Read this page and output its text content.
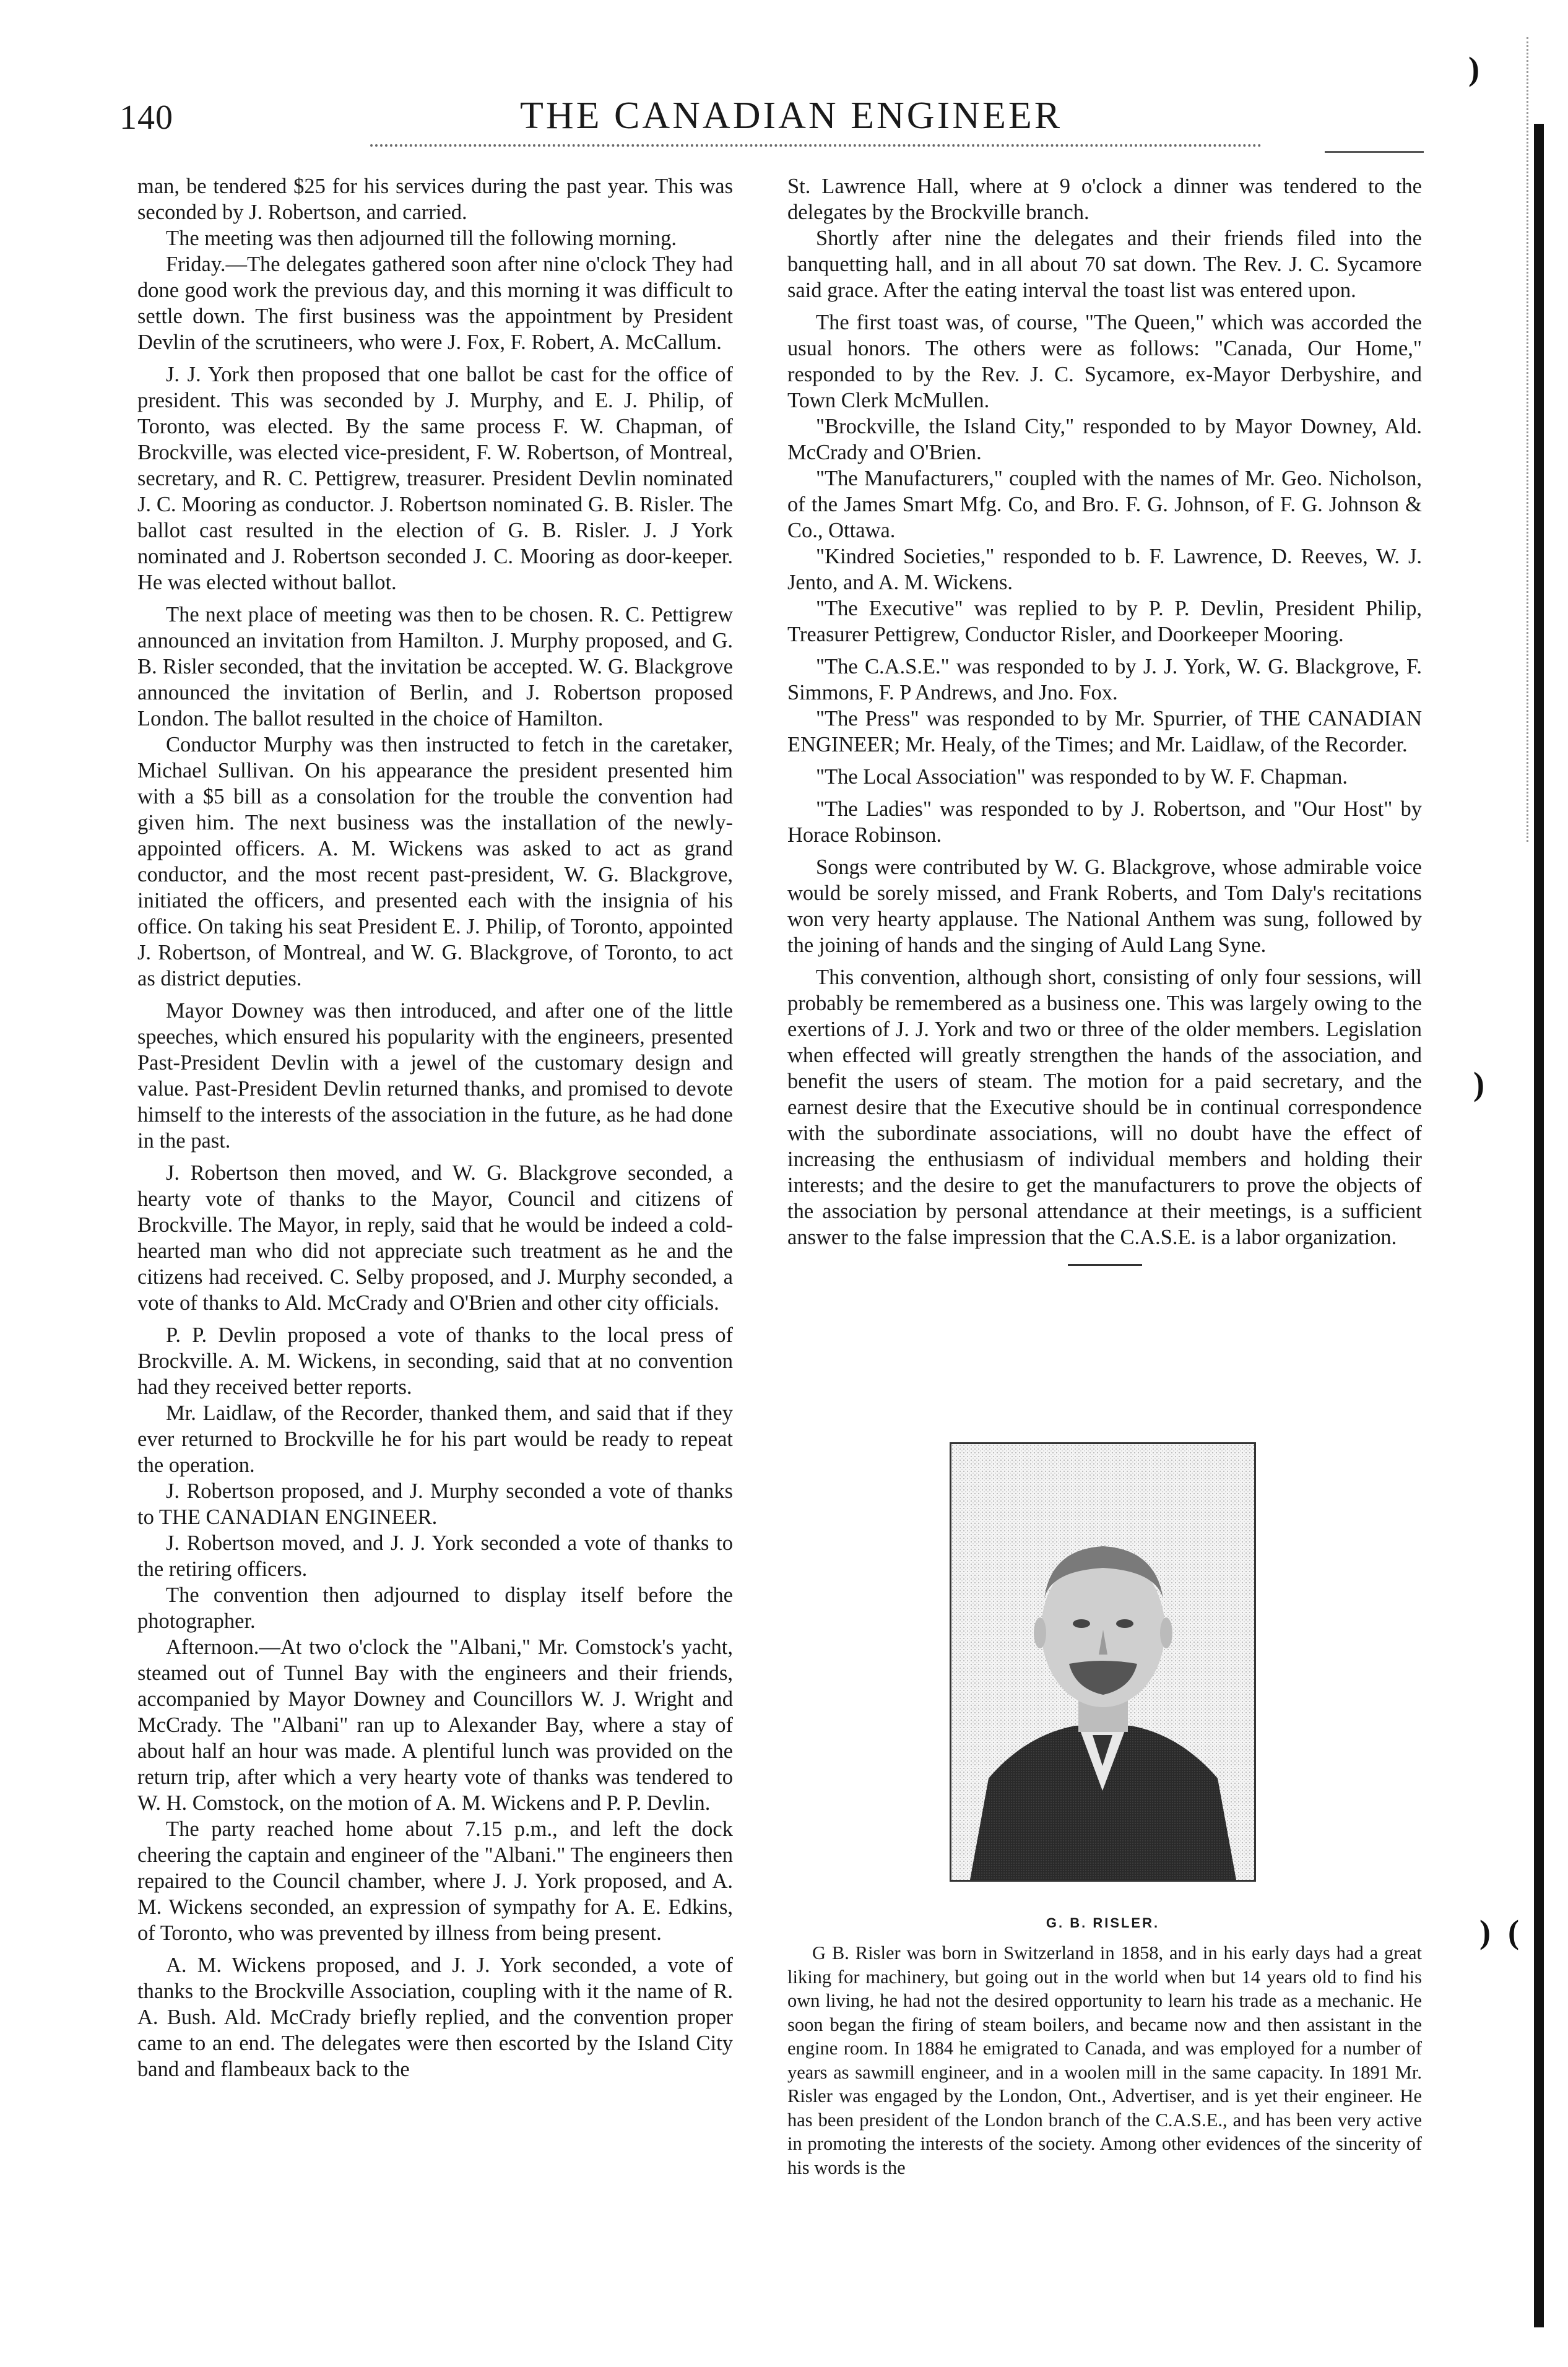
140	THE CANADIAN ENGINEER

man, be tendered $25 for his services during the past year. This was seconded by J. Robertson, and carried.

The meeting was then adjourned till the following morning.

Friday.—The delegates gathered soon after nine o'clock They had done good work the previous day, and this morning it was difficult to settle down. The first business was the appointment by President Devlin of the scrutineers, who were J. Fox, F. Robert, A. McCallum.

J. J. York then proposed that one ballot be cast for the office of president. This was seconded by J. Murphy, and E. J. Philip, of Toronto, was elected. By the same process F. W. Chapman, of Brockville, was elected vice-president, F. W. Robertson, of Montreal, secretary, and R. C. Pettigrew, treasurer. President Devlin nominated J. C. Mooring as conductor. J. Robertson nominated G. B. Risler. The ballot cast resulted in the election of G. B. Risler. J. J York nominated and J. Robertson seconded J. C. Mooring as door-keeper. He was elected without ballot.

The next place of meeting was then to be chosen. R. C. Pettigrew announced an invitation from Hamilton. J. Murphy proposed, and G. B. Risler seconded, that the invitation be accepted. W. G. Blackgrove announced the invitation of Berlin, and J. Robertson proposed London. The ballot resulted in the choice of Hamilton.

Conductor Murphy was then instructed to fetch in the caretaker, Michael Sullivan. On his appearance the president presented him with a $5 bill as a consolation for the trouble the convention had given him. The next business was the installation of the newly-appointed officers. A. M. Wickens was asked to act as grand conductor, and the most recent past-president, W. G. Blackgrove, initiated the officers, and presented each with the insignia of his office. On taking his seat President E. J. Philip, of Toronto, appointed J. Robertson, of Montreal, and W. G. Blackgrove, of Toronto, to act as district deputies.

Mayor Downey was then introduced, and after one of the little speeches, which ensured his popularity with the engineers, presented Past-President Devlin with a jewel of the customary design and value. Past-President Devlin returned thanks, and promised to devote himself to the interests of the association in the future, as he had done in the past.

J. Robertson then moved, and W. G. Blackgrove seconded, a hearty vote of thanks to the Mayor, Council and citizens of Brockville. The Mayor, in reply, said that he would be indeed a cold-hearted man who did not appreciate such treatment as he and the citizens had received. C. Selby proposed, and J. Murphy seconded, a vote of thanks to Ald. McCrady and O'Brien and other city officials.

P. P. Devlin proposed a vote of thanks to the local press of Brockville. A. M. Wickens, in seconding, said that at no convention had they received better reports.

Mr. Laidlaw, of the Recorder, thanked them, and said that if they ever returned to Brockville he for his part would be ready to repeat the operation.

J. Robertson proposed, and J. Murphy seconded a vote of thanks to THE CANADIAN ENGINEER.

J. Robertson moved, and J. J. York seconded a vote of thanks to the retiring officers.

The convention then adjourned to display itself before the photographer.

Afternoon.—At two o'clock the "Albani," Mr. Comstock's yacht, steamed out of Tunnel Bay with the engineers and their friends, accompanied by Mayor Downey and Councillors W. J. Wright and McCrady. The "Albani" ran up to Alexander Bay, where a stay of about half an hour was made. A plentiful lunch was provided on the return trip, after which a very hearty vote of thanks was tendered to W. H. Comstock, on the motion of A. M. Wickens and P. P. Devlin.

The party reached home about 7.15 p.m., and left the dock cheering the captain and engineer of the "Albani." The engineers then repaired to the Council chamber, where J. J. York proposed, and A. M. Wickens seconded, an expression of sympathy for A. E. Edkins, of Toronto, who was prevented by illness from being present.

A. M. Wickens proposed, and J. J. York seconded, a vote of thanks to the Brockville Association, coupling with it the name of R. A. Bush. Ald. McCrady briefly replied, and the convention proper came to an end. The delegates were then escorted by the Island City band and flambeaux back to the

St. Lawrence Hall, where at 9 o'clock a dinner was tendered to the delegates by the Brockville branch.

Shortly after nine the delegates and their friends filed into the banquetting hall, and in all about 70 sat down. The Rev. J. C. Sycamore said grace. After the eating interval the toast list was entered upon.

The first toast was, of course, "The Queen," which was accorded the usual honors. The others were as follows: "Canada, Our Home," responded to by the Rev. J. C. Sycamore, ex-Mayor Derbyshire, and Town Clerk McMullen.

"Brockville, the Island City," responded to by Mayor Downey, Ald. McCrady and O'Brien.

"The Manufacturers," coupled with the names of Mr. Geo. Nicholson, of the James Smart Mfg. Co, and Bro. F. G. Johnson, of F. G. Johnson & Co., Ottawa.

"Kindred Societies," responded to b. F. Lawrence, D. Reeves, W. J. Jento, and A. M. Wickens.

"The Executive" was replied to by P. P. Devlin, President Philip, Treasurer Pettigrew, Conductor Risler, and Doorkeeper Mooring.

"The C.A.S.E." was responded to by J. J. York, W. G. Blackgrove, F. Simmons, F. P Andrews, and Jno. Fox.

"The Press" was responded to by Mr. Spurrier, of THE CANADIAN ENGINEER; Mr. Healy, of the Times; and Mr. Laidlaw, of the Recorder.

"The Local Association" was responded to by W. F. Chapman.

"The Ladies" was responded to by J. Robertson, and "Our Host" by Horace Robinson.

Songs were contributed by W. G. Blackgrove, whose admirable voice would be sorely missed, and Frank Roberts, and Tom Daly's recitations won very hearty applause. The National Anthem was sung, followed by the joining of hands and the singing of Auld Lang Syne.

This convention, although short, consisting of only four sessions, will probably be remembered as a business one. This was largely owing to the exertions of J. J. York and two or three of the older members. Legislation when effected will greatly strengthen the hands of the association, and benefit the users of steam. The motion for a paid secretary, and the earnest desire that the Executive should be in continual correspondence with the subordinate associations, will no doubt have the effect of increasing the enthusiasm of individual members and holding their interests; and the desire to get the manufacturers to prove the objects of the association by personal attendance at their meetings, is a sufficient answer to the false impression that the C.A.S.E. is a labor organization.

G. B. RISLER.

G B. Risler was born in Switzerland in 1858, and in his early days had a great liking for machinery, but going out in the world when but 14 years old to find his own living, he had not the desired opportunity to learn his trade as a mechanic. He soon began the firing of steam boilers, and became now and then assistant in the engine room. In 1884 he emigrated to Canada, and was employed for a number of years as sawmill engineer, and in a woolen mill in the same capacity. In 1891 Mr. Risler was engaged by the London, Ont., Advertiser, and is yet their engineer. He has been president of the London branch of the C.A.S.E., and has been very active in promoting the interests of the society. Among other evidences of the sincerity of his words is the

)
)
) (
